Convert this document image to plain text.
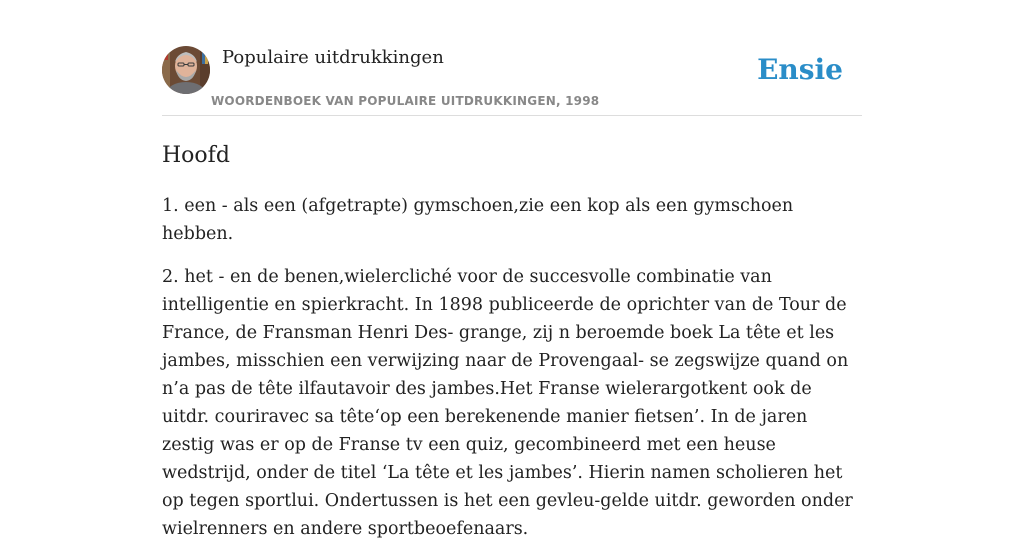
Populaire uitdrukkingen
WOORDENBOEK VAN POPULAIRE UITDRUKKINGEN, 1998
Ensie
Hoofd

1. een - als een (afgetrapte) gymschoen,zie een kop als een gymschoen hebben.

2. het - en de benen,wielercliché voor de succesvolle combinatie van intelligentie en spierkracht. In 1898 publiceerde de oprichter van de Tour de France, de Fransman Henri Des- grange, zij n beroemde boek La tête et les jambes, misschien een verwijzing naar de Provengaal- se zegswijze quand on n’a pas de tête ilfautavoir des jambes.Het Franse wielerargotkent ook de uitdr. couriravec sa tête‘op een berekenende manier fietsen’. In de jaren zestig was er op de Franse tv een quiz, gecombineerd met een heuse wedstrijd, onder de titel ‘La tête et les jambes’. Hierin namen scholieren het op tegen sportlui. Ondertussen is het een gevleu-gelde uitdr. geworden onder wielrenners en andere sportbeoefenaars.
